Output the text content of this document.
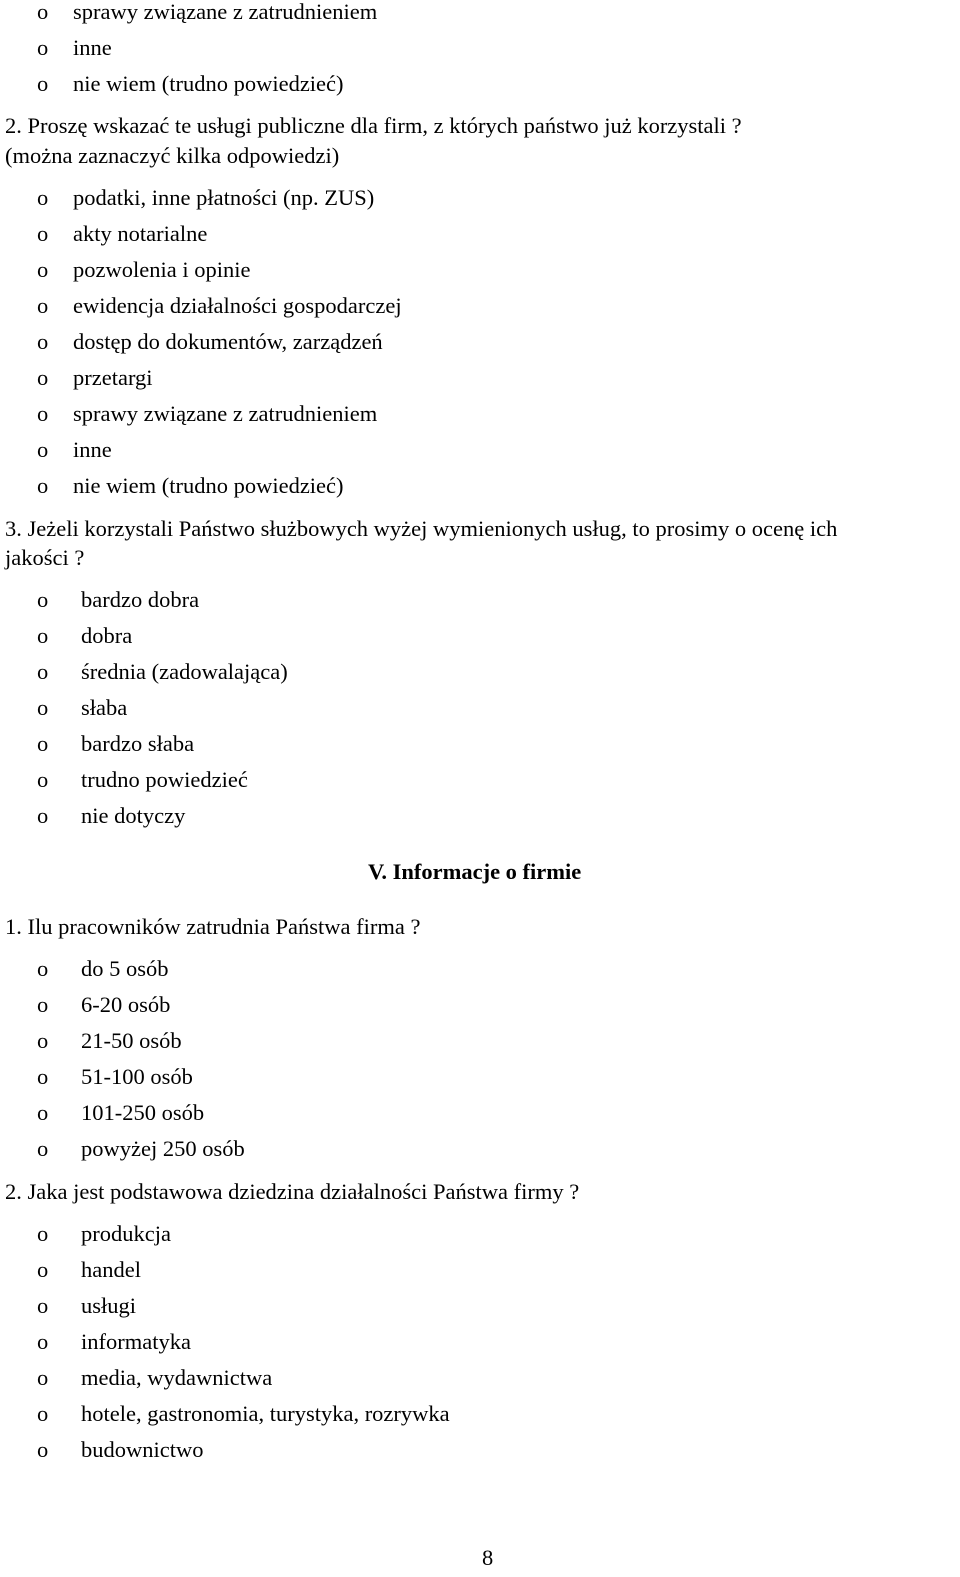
o sprawy związane z zatrudnieniem
o inne
o nie wiem (trudno powiedzieć)
2. Proszę wskazać te usługi publiczne dla firm, z których państwo już korzystali ?
(można zaznaczyć kilka odpowiedzi)
o podatki, inne płatności (np. ZUS)
o akty notarialne
o pozwolenia i opinie
o ewidencja działalności gospodarczej
o dostęp do dokumentów, zarządzeń
o przetargi
o sprawy związane z zatrudnieniem
o inne
o nie wiem (trudno powiedzieć)
3. Jeżeli korzystali Państwo służbowych wyżej wymienionych usług, to prosimy o ocenę ich
jakości ?
o bardzo dobra
o dobra
o średnia (zadowalająca)
o słaba
o bardzo słaba
o trudno powiedzieć
o nie dotyczy
V. Informacje o firmie
1. Ilu pracowników zatrudnia Państwa firma ?
o do 5 osób
o 6-20 osób
o 21-50 osób
o 51-100 osób
o 101-250 osób
o powyżej 250 osób
2. Jaka jest podstawowa dziedzina działalności Państwa firmy ?
o produkcja
o handel
o usługi
o informatyka
o media, wydawnictwa
o hotele, gastronomia, turystyka, rozrywka
o budownictwo
8
